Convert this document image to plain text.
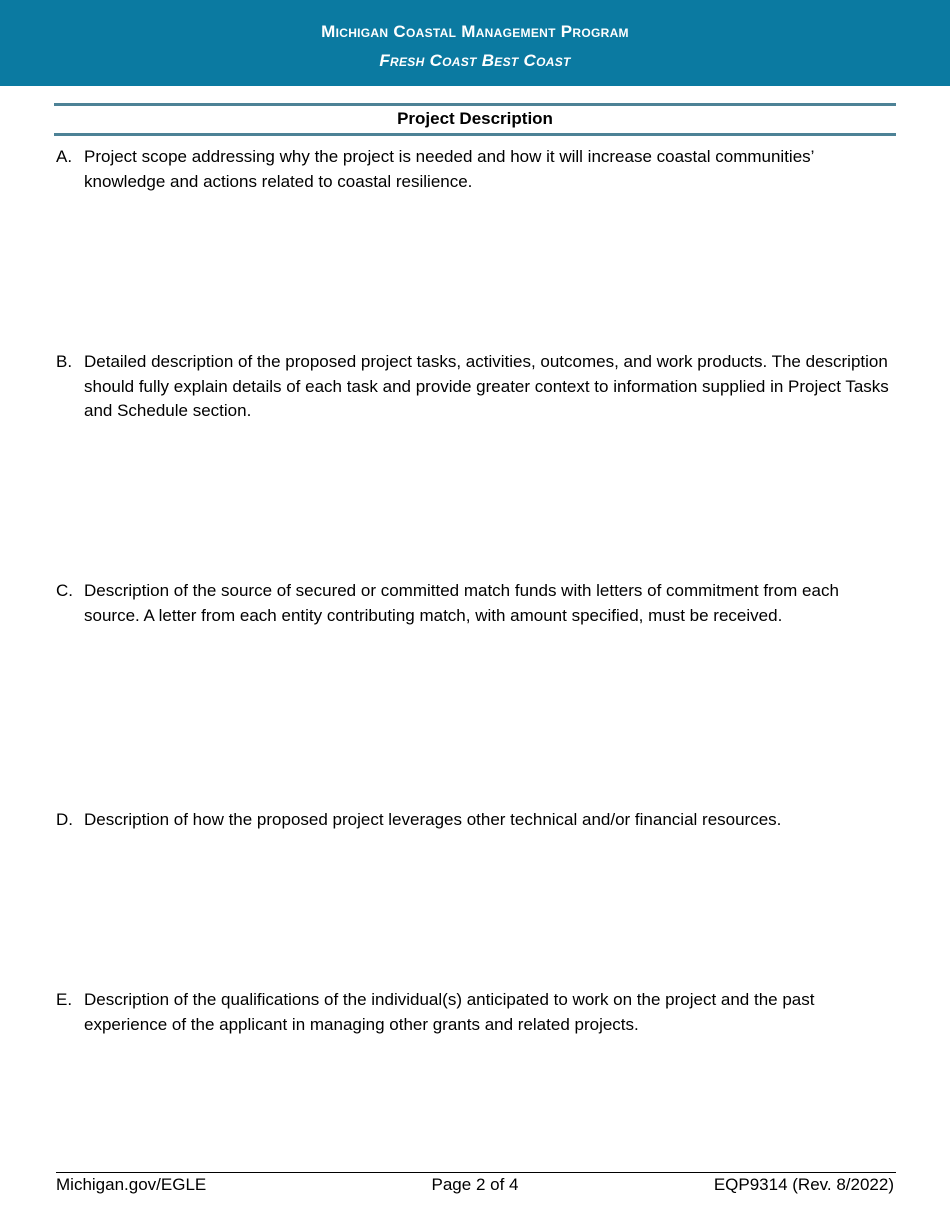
Michigan Coastal Management Program
Fresh Coast Best Coast
Project Description
A. Project scope addressing why the project is needed and how it will increase coastal communities’ knowledge and actions related to coastal resilience.
B. Detailed description of the proposed project tasks, activities, outcomes, and work products. The description should fully explain details of each task and provide greater context to information supplied in Project Tasks and Schedule section.
C. Description of the source of secured or committed match funds with letters of commitment from each source. A letter from each entity contributing match, with amount specified, must be received.
D. Description of how the proposed project leverages other technical and/or financial resources.
E. Description of the qualifications of the individual(s) anticipated to work on the project and the past experience of the applicant in managing other grants and related projects.
Michigan.gov/EGLE	Page 2 of 4	EQP9314 (Rev. 8/2022)
